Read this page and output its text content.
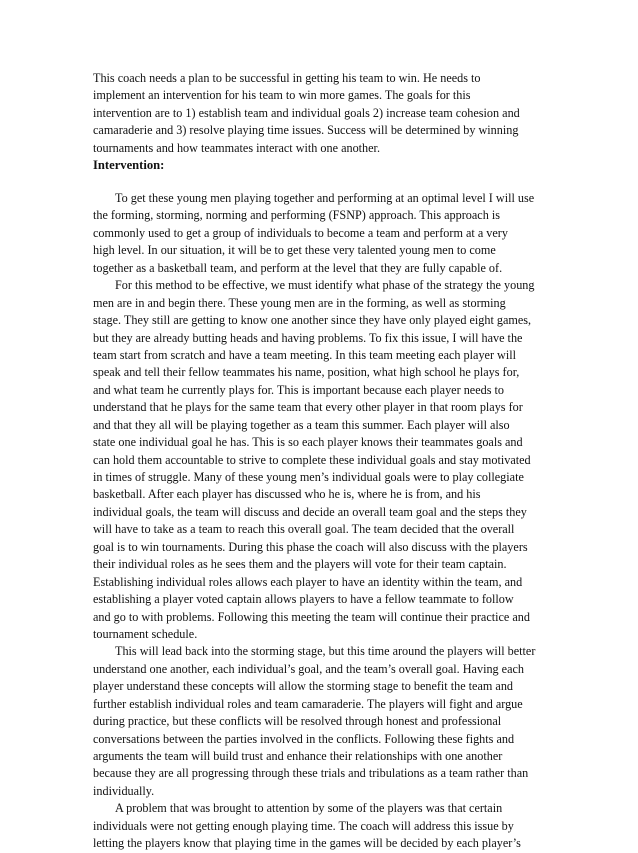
This coach needs a plan to be successful in getting his team to win. He needs to
implement an intervention for his team to win more games. The goals for this
intervention are to 1) establish team and individual goals 2) increase team cohesion and
camaraderie and 3) resolve playing time issues. Success will be determined by winning
tournaments and how teammates interact with one another.
Intervention:
To get these young men playing together and performing at an optimal level I will use
the forming, storming, norming and performing (FSNP) approach. This approach is
commonly used to get a group of individuals to become a team and perform at a very
high level. In our situation, it will be to get these very talented young men to come
together as a basketball team, and perform at the level that they are fully capable of.
For this method to be effective, we must identify what phase of the strategy the young
men are in and begin there. These young men are in the forming, as well as storming
stage. They still are getting to know one another since they have only played eight games,
but they are already butting heads and having problems. To fix this issue, I will have the
team start from scratch and have a team meeting. In this team meeting each player will
speak and tell their fellow teammates his name, position, what high school he plays for,
and what team he currently plays for. This is important because each player needs to
understand that he plays for the same team that every other player in that room plays for
and that they all will be playing together as a team this summer. Each player will also
state one individual goal he has. This is so each player knows their teammates goals and
can hold them accountable to strive to complete these individual goals and stay motivated
in times of struggle. Many of these young men’s individual goals were to play collegiate
basketball. After each player has discussed who he is, where he is from, and his
individual goals, the team will discuss and decide an overall team goal and the steps they
will have to take as a team to reach this overall goal. The team decided that the overall
goal is to win tournaments. During this phase the coach will also discuss with the players
their individual roles as he sees them and the players will vote for their team captain.
Establishing individual roles allows each player to have an identity within the team, and
establishing a player voted captain allows players to have a fellow teammate to follow
and go to with problems. Following this meeting the team will continue their practice and
tournament schedule.
This will lead back into the storming stage, but this time around the players will better
understand one another, each individual’s goal, and the team’s overall goal. Having each
player understand these concepts will allow the storming stage to benefit the team and
further establish individual roles and team camaraderie. The players will fight and argue
during practice, but these conflicts will be resolved through honest and professional
conversations between the parties involved in the conflicts. Following these fights and
arguments the team will build trust and enhance their relationships with one another
because they are all progressing through these trials and tribulations as a team rather than
individually.
A problem that was brought to attention by some of the players was that certain
individuals were not getting enough playing time. The coach will address this issue by
letting the players know that playing time in the games will be decided by each player’s
